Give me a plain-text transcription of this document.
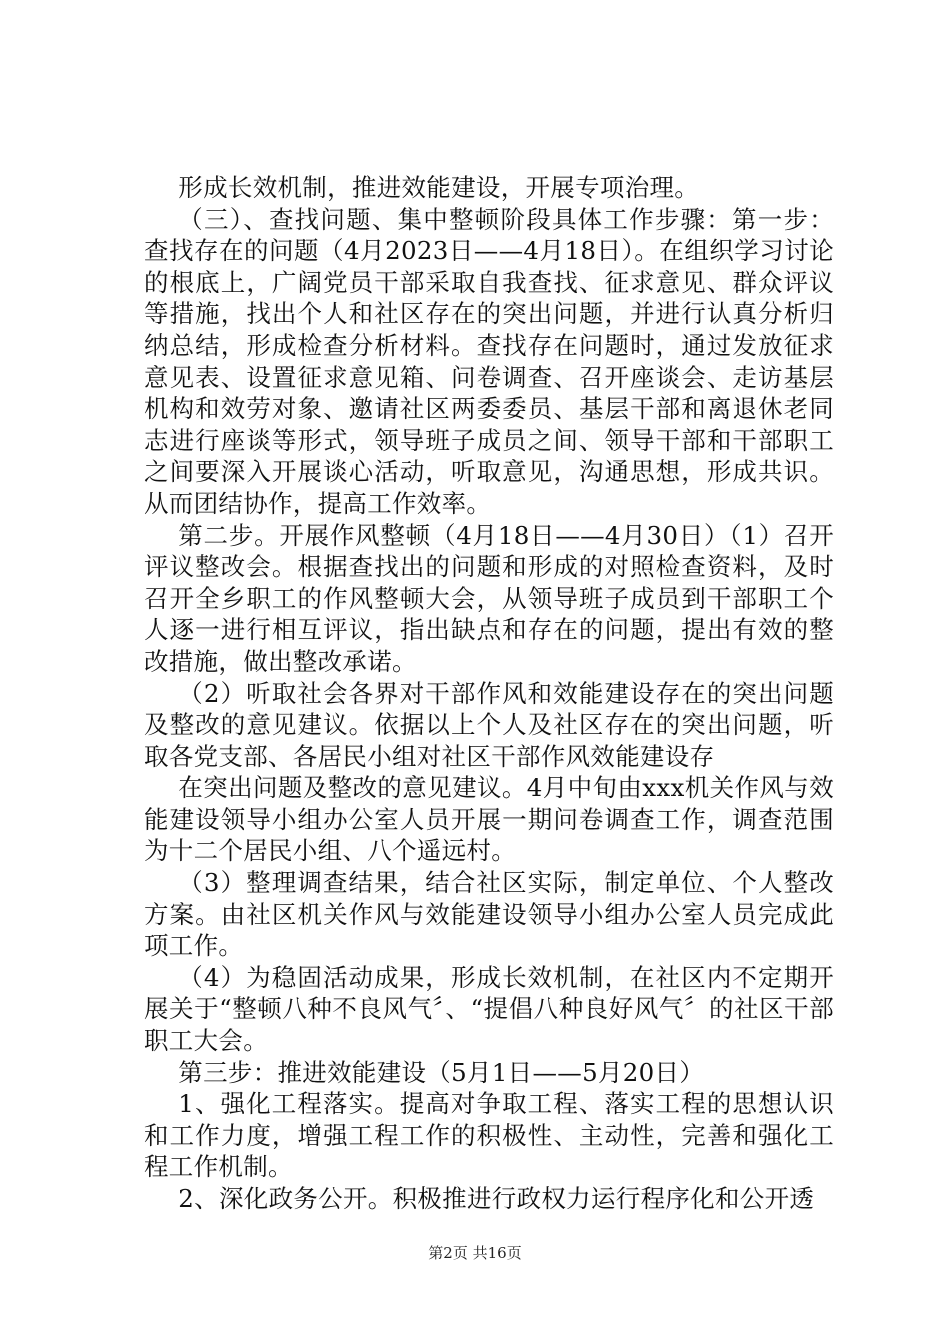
形成长效机制，推进效能建设，开展专项治理。

（三）、查找问题、集中整顿阶段具体工作步骤：第一步：查找存在的问题（4月2023日——4月18日）。在组织学习讨论的根底上，广阔党员干部采取自我查找、征求意见、群众评议等措施，找出个人和社区存在的突出问题，并进行认真分析归纳总结，形成检查分析材料。查找存在问题时，通过发放征求意见表、设置征求意见箱、问卷调查、召开座谈会、走访基层机构和效劳对象、邀请社区两委委员、基层干部和离退休老同志进行座谈等形式，领导班子成员之间、领导干部和干部职工之间要深入开展谈心活动，听取意见，沟通思想，形成共识。从而团结协作，提高工作效率。

第二步。开展作风整顿（4月18日——4月30日）（1）召开评议整改会。根据查找出的问题和形成的对照检查资料，及时召开全乡职工的作风整顿大会，从领导班子成员到干部职工个人逐一进行相互评议，指出缺点和存在的问题，提出有效的整改措施，做出整改承诺。

（2）听取社会各界对干部作风和效能建设存在的突出问题及整改的意见建议。依据以上个人及社区存在的突出问题，听取各党支部、各居民小组对社区干部作风效能建设存

在突出问题及整改的意见建议。4月中旬由xxx机关作风与效能建设领导小组办公室人员开展一期问卷调查工作，调查范围为十二个居民小组、八个遥远村。

（3）整理调查结果，结合社区实际，制定单位、个人整改方案。由社区机关作风与效能建设领导小组办公室人员完成此项工作。

（4）为稳固活动成果，形成长效机制，在社区内不定期开展关于“整顿八种不良风气〞、“提倡八种良好风气〞的社区干部职工大会。

第三步：推进效能建设（5月1日——5月20日）

1、强化工程落实。提高对争取工程、落实工程的思想认识和工作力度，增强工程工作的积极性、主动性，完善和强化工程工作机制。

2、深化政务公开。积极推进行政权力运行程序化和公开透

第2页 共16页
